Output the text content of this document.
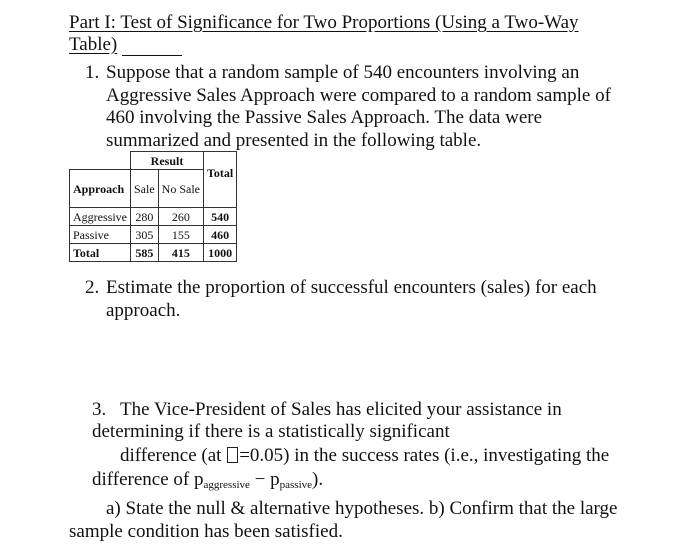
Part I: Test of Significance for Two Proportions (Using a Two-Way
Table)
1. Suppose that a random sample of 540 encounters involving an
Aggressive Sales Approach were compared to a random sample of
460 involving the Passive Sales Approach. The data were
summarized and presented in the following table.
	Result		Total
Approach	Sale	No Sale	
Aggressive	280	260	540
Passive	305	155	460
Total	585	415	1000
2. Estimate the proportion of successful encounters (sales) for each
approach.
3. The Vice-President of Sales has elicited your assistance in
determining if there is a statistically significant
difference (at =0.05) in the success rates (i.e., investigating the
difference of $p_{aggressive} - p_{passive}$).
a) State the null & alternative hypotheses. b) Confirm that the large
sample condition has been satisfied.
